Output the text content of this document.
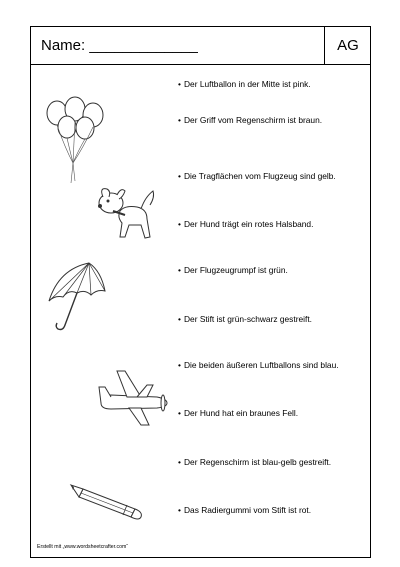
Name: _____________	AG
• Der Luftballon in der Mitte ist pink.
• Der Griff vom Regenschirm ist braun.
• Die Tragflächen vom Flugzeug sind gelb.
• Der Hund trägt ein rotes Halsband.
• Der Flugzeugrumpf ist grün.
• Der Stift ist grün-schwarz gestreift.
• Die beiden äußeren Luftballons sind blau.
• Der Hund hat ein braunes Fell.
• Der Regenschirm ist blau-gelb gestreift.
• Das Radiergummi vom Stift ist rot.
Erstellt mit „www.wordsheetcrafter.com“
